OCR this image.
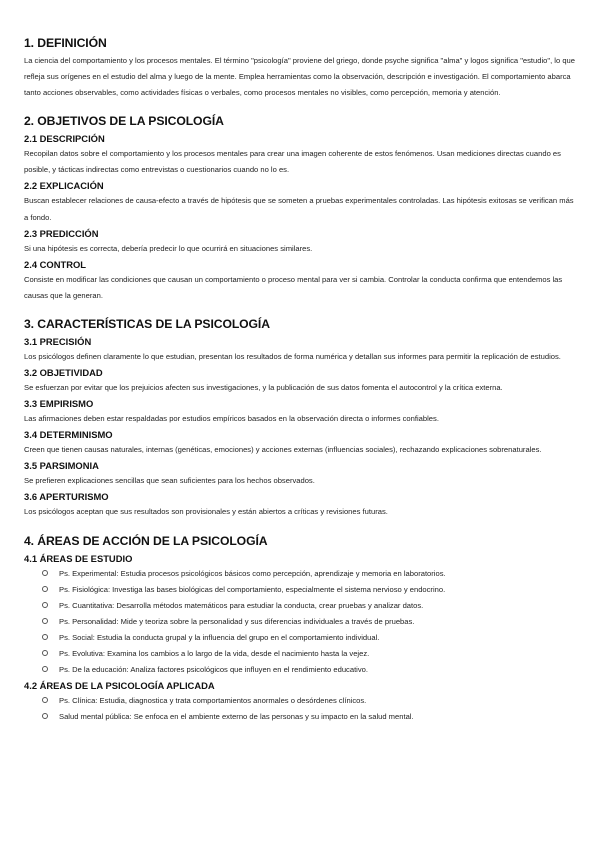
1. DEFINICIÓN

La ciencia del comportamiento y los procesos mentales. El término "psicología" proviene del griego, donde psyche significa "alma" y logos significa "estudio", lo que refleja sus orígenes en el estudio del alma y luego de la mente. Emplea herramientas como la observación, descripción e investigación. El comportamiento abarca tanto acciones observables, como actividades físicas o verbales, como procesos mentales no visibles, como percepción, memoria y atención.

2. OBJETIVOS DE LA PSICOLOGÍA
2.1 DESCRIPCIÓN

Recopilan datos sobre el comportamiento y los procesos mentales para crear una imagen coherente de estos fenómenos. Usan mediciones directas cuando es posible, y tácticas indirectas como entrevistas o cuestionarios cuando no lo es.

2.2 EXPLICACIÓN

Buscan establecer relaciones de causa-efecto a través de hipótesis que se someten a pruebas experimentales controladas. Las hipótesis exitosas se verifican más a fondo.

2.3 PREDICCIÓN

Si una hipótesis es correcta, debería predecir lo que ocurrirá en situaciones similares.

2.4 CONTROL

Consiste en modificar las condiciones que causan un comportamiento o proceso mental para ver si cambia. Controlar la conducta confirma que entendemos las causas que la generan.

3. CARACTERÍSTICAS DE LA PSICOLOGÍA
3.1 PRECISIÓN

Los psicólogos definen claramente lo que estudian, presentan los resultados de forma numérica y detallan sus informes para permitir la replicación de estudios.

3.2 OBJETIVIDAD

Se esfuerzan por evitar que los prejuicios afecten sus investigaciones, y la publicación de sus datos fomenta el autocontrol y la crítica externa.

3.3 EMPIRISMO

Las afirmaciones deben estar respaldadas por estudios empíricos basados en la observación directa o informes confiables.

3.4 DETERMINISMO

Creen que tienen causas naturales, internas (genéticas, emociones) y acciones externas (influencias sociales), rechazando explicaciones sobrenaturales.

3.5 PARSIMONIA

Se prefieren explicaciones sencillas que sean suficientes para los hechos observados.

3.6 APERTURISMO

Los psicólogos aceptan que sus resultados son provisionales y están abiertos a críticas y revisiones futuras.

4. ÁREAS DE ACCIÓN DE LA PSICOLOGÍA
4.1 ÁREAS DE ESTUDIO
Ps. Experimental: Estudia procesos psicológicos básicos como percepción, aprendizaje y memoria en laboratorios.
Ps. Fisiológica: Investiga las bases biológicas del comportamiento, especialmente el sistema nervioso y endocrino.
Ps. Cuantitativa: Desarrolla métodos matemáticos para estudiar la conducta, crear pruebas y analizar datos.
Ps. Personalidad: Mide y teoriza sobre la personalidad y sus diferencias individuales a través de pruebas.
Ps. Social: Estudia la conducta grupal y la influencia del grupo en el comportamiento individual.
Ps. Evolutiva: Examina los cambios a lo largo de la vida, desde el nacimiento hasta la vejez.
Ps. De la educación: Analiza factores psicológicos que influyen en el rendimiento educativo.
4.2 ÁREAS DE LA PSICOLOGÍA APLICADA
Ps. Clínica: Estudia, diagnostica y trata comportamientos anormales o desórdenes clínicos.
Salud mental pública: Se enfoca en el ambiente externo de las personas y su impacto en la salud mental.
